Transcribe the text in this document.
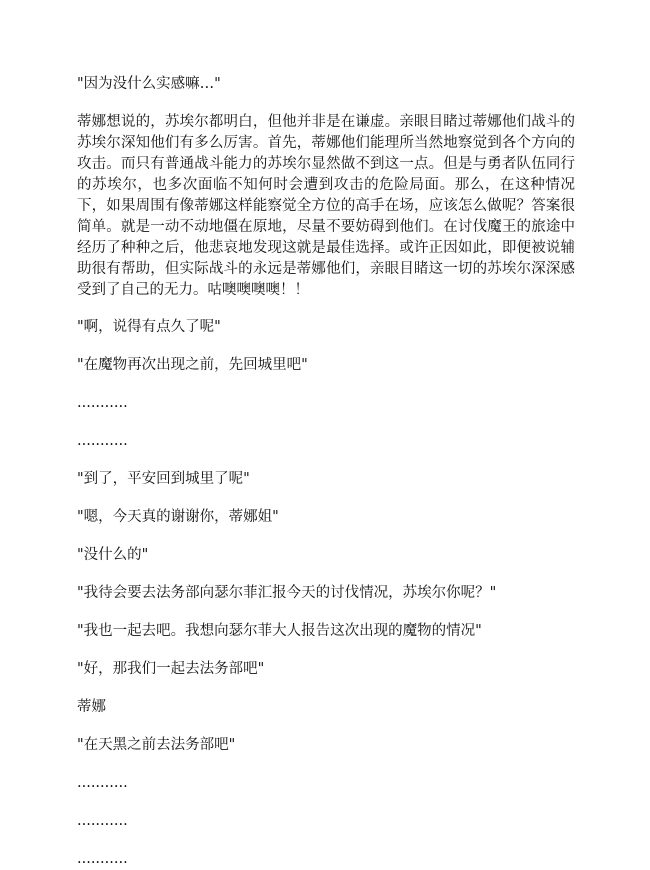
"因为没什么实感嘛…"

蒂娜想说的，苏埃尔都明白，但他并非是在谦虚。亲眼目睹过蒂娜他们战斗的苏埃尔深知他们有多么厉害。首先，蒂娜他们能理所当然地察觉到各个方向的攻击。而只有普通战斗能力的苏埃尔显然做不到这一点。但是与勇者队伍同行的苏埃尔，也多次面临不知何时会遭到攻击的危险局面。那么，在这种情况下，如果周围有像蒂娜这样能察觉全方位的高手在场，应该怎么做呢？答案很简单。就是一动不动地僵在原地，尽量不要妨碍到他们。在讨伐魔王的旅途中经历了种种之后，他悲哀地发现这就是最佳选择。或许正因如此，即便被说辅助很有帮助，但实际战斗的永远是蒂娜他们，亲眼目睹这一切的苏埃尔深深感受到了自己的无力。咕噢噢噢噢！！

"啊，说得有点久了呢"

"在魔物再次出现之前，先回城里吧"

...........

...........

"到了，平安回到城里了呢"

"嗯，今天真的谢谢你，蒂娜姐"

"没什么的"

"我待会要去法务部向瑟尔菲汇报今天的讨伐情况，苏埃尔你呢？"

"我也一起去吧。我想向瑟尔菲大人报告这次出现的魔物的情况"

"好，那我们一起去法务部吧"

蒂娜

"在天黑之前去法务部吧"

...........

...........

...........
